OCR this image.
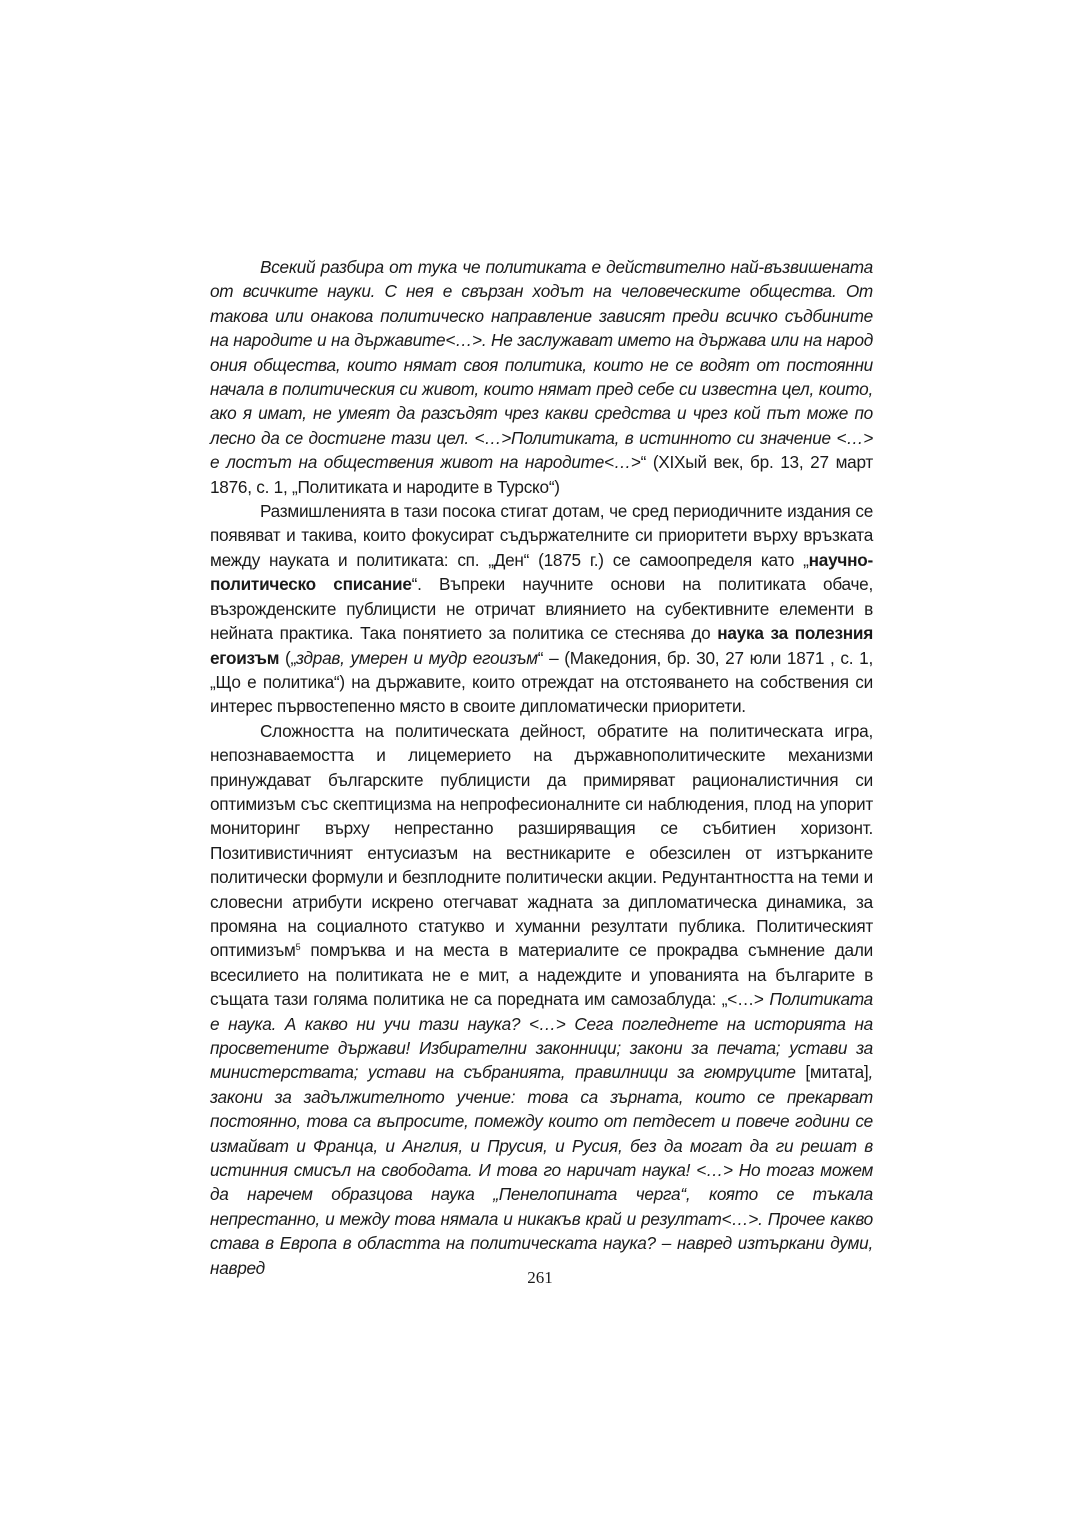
Всекий разбира от тука че политиката е действително най-възвишената от всичките науки. С нея е свързан ходът на человеческите общества. От такова или онакова политическо направление зависят преди всичко съдбините на народите и на държавите<…>. Не заслужават името на държава или на народ ония общества, които нямат своя политика, които не се водят от постоянни начала в политическия си живот, които нямат пред себе си известна цел, които, ако я имат, не умеят да разсъдят чрез какви средства и чрез кой път може по лесно да се достигне тази цел. <…>Политиката, в истинното си значение <…> е лостът на обществения живот на народите<…>“ (XIXый век, бр. 13, 27 март 1876, с. 1, „Политиката и народите в Турско“)

Размишленията в тази посока стигат дотам, че сред периодичните издания се появяват и такива, които фокусират съдържателните си приоритети върху връзката между науката и политиката: сп. „Ден“ (1875 г.) се самоопределя като „научно-политическо списание“. Въпреки научните основи на политиката обаче, възрожденските публицисти не отричат влиянието на субективните елементи в нейната практика. Така понятието за политика се стеснява до наука за полезния егоизъм („здрав, умерен и мудр егоизъм“ – (Македония, бр. 30, 27 юли 1871 , с. 1, „Що е политика“) на държавите, които отреждат на отстояването на собствения си интерес първостепенно място в своите дипломатически приоритети.

Сложността на политическата дейност, обратите на политическата игра, непознаваемостта и лицемерието на държавнополитическите механизми принуждават българските публицисти да примиряват рационалистичния си оптимизъм със скептицизма на непрофесионалните си наблюдения, плод на упорит мониторинг върху непрестанно разширяващия се събитиен хоризонт. Позитивистичният ентусиазъм на вестникарите е обезсилен от изтърканите политически формули и безплодните политически акции. Редунтантността на теми и словесни атрибути искрено отегчават жадната за дипломатическа динамика, за промяна на социалното статукво и хуманни резултати публика. Политическият оптимизъм$^5$ помръква и на места в материалите се прокрадва съмнение дали всесилието на политиката не е мит, а надеждите и упованията на българите в същата тази голяма политика не са поредната им самозаблуда: „<…> Политиката е наука. А какво ни учи тази наука? <…> Сега погледнете на историята на просветените държави! Избирателни законници; закони за печата; устави за министерствата; устави на събранията, правилници за гюмруците [митата], закони за задължителното учение: това са зърната, които се прекарват постоянно, това са въпросите, помежду които от петдесет и повече години се измайват и Франца, и Англия, и Прусия, и Русия, без да могат да ги решат в истинния смисъл на свободата. И това го наричат наука! <…> Но тогаз можем да наречем образцова наука „Пенелопината черга“, която се тъкала непрестанно, и между това нямала и никакъв край и резултат<…>. Прочее какво става в Европа в областта на политическата наука? – навред изтъркани думи, навред	261
